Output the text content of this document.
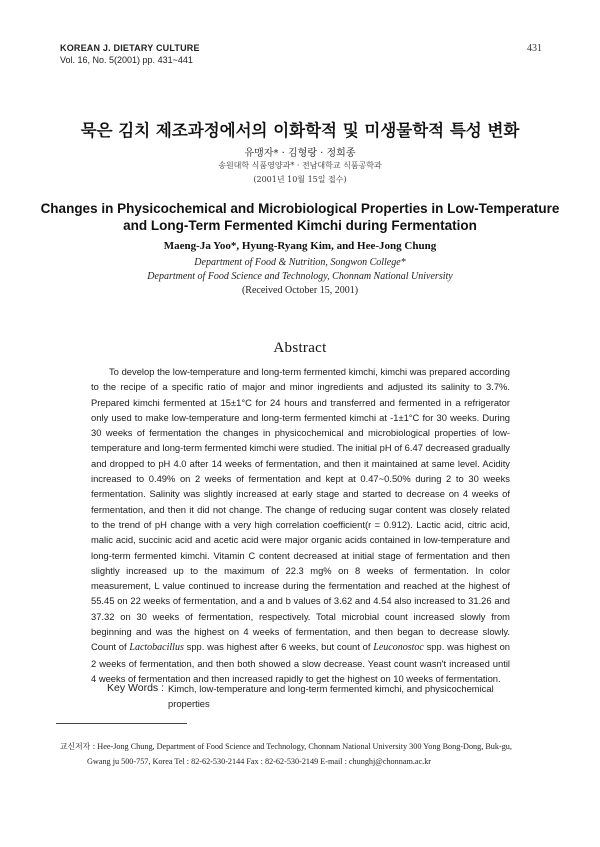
KOREAN J. DIETARY CULTURE
Vol. 16, No. 5(2001) pp. 431~441
431
묵은 김치 제조과정에서의 이화학적 및 미생물학적 특성 변화
유맹자* · 김형랑 · 정희종
송원대학 식품영양과* · 전남대학교 식품공학과
(2001년 10월 15일 접수)
Changes in Physicochemical and Microbiological Properties in Low-Temperature
and Long-Term Fermented Kimchi during Fermentation
Maeng-Ja Yoo*, Hyung-Ryang Kim, and Hee-Jong Chung
Department of Food & Nutrition, Songwon College*
Department of Food Science and Technology, Chonnam National University
(Received October 15, 2001)
Abstract

To develop the low-temperature and long-term fermented kimchi, kimchi was prepared according to the recipe of a specific ratio of major and minor ingredients and adjusted its salinity to 3.7%. Prepared kimchi fermented at 15±1°C for 24 hours and transferred and fermented in a refrigerator only used to make low-temperature and long-term fermented kimchi at -1±1°C for 30 weeks. During 30 weeks of fermentation the changes in physicochemical and microbiological properties of low-temperature and long-term fermented kimchi were studied. The initial pH of 6.47 decreased gradually and dropped to pH 4.0 after 14 weeks of fermentation, and then it maintained at same level. Acidity increased to 0.49% on 2 weeks of fermentation and kept at 0.47~0.50% during 2 to 30 weeks fermentation. Salinity was slightly increased at early stage and started to decrease on 4 weeks of fermentation, and then it did not change. The change of reducing sugar content was closely related to the trend of pH change with a very high correlation coefficient(r = 0.912). Lactic acid, citric acid, malic acid, succinic acid and acetic acid were major organic acids contained in low-temperature and long-term fermented kimchi. Vitamin C content decreased at initial stage of fermentation and then slightly increased up to the maximum of 22.3 mg% on 8 weeks of fermentation. In color measurement, L value continued to increase during the fermentation and reached at the highest of 55.45 on 22 weeks of fermentation, and a and b values of 3.62 and 4.54 also increased to 31.26 and 37.32 on 30 weeks of fermentation, respectively. Total microbial count increased slowly from beginning and was the highest on 4 weeks of fermentation, and then began to decrease slowly. Count of Lactobacillus spp. was highest after 6 weeks, but count of Leuconostoc spp. was highest on 2 weeks of fermentation, and then both showed a slow decrease. Yeast count wasn't increased until 4 weeks of fermentation and then increased rapidly to get the highest on 10 weeks of fermentation.

Key Words : Kimch, low-temperature and long-term fermented kimchi, and physicochemical properties
교신저자 : Hee-Jong Chung, Department of Food Science and Technology, Chonnam National University 300 Yong Bong-Dong, Buk-gu,
Gwang ju 500-757, Korea Tel : 82-62-530-2144 Fax : 82-62-530-2149 E-mail : chunghj@chonnam.ac.kr
